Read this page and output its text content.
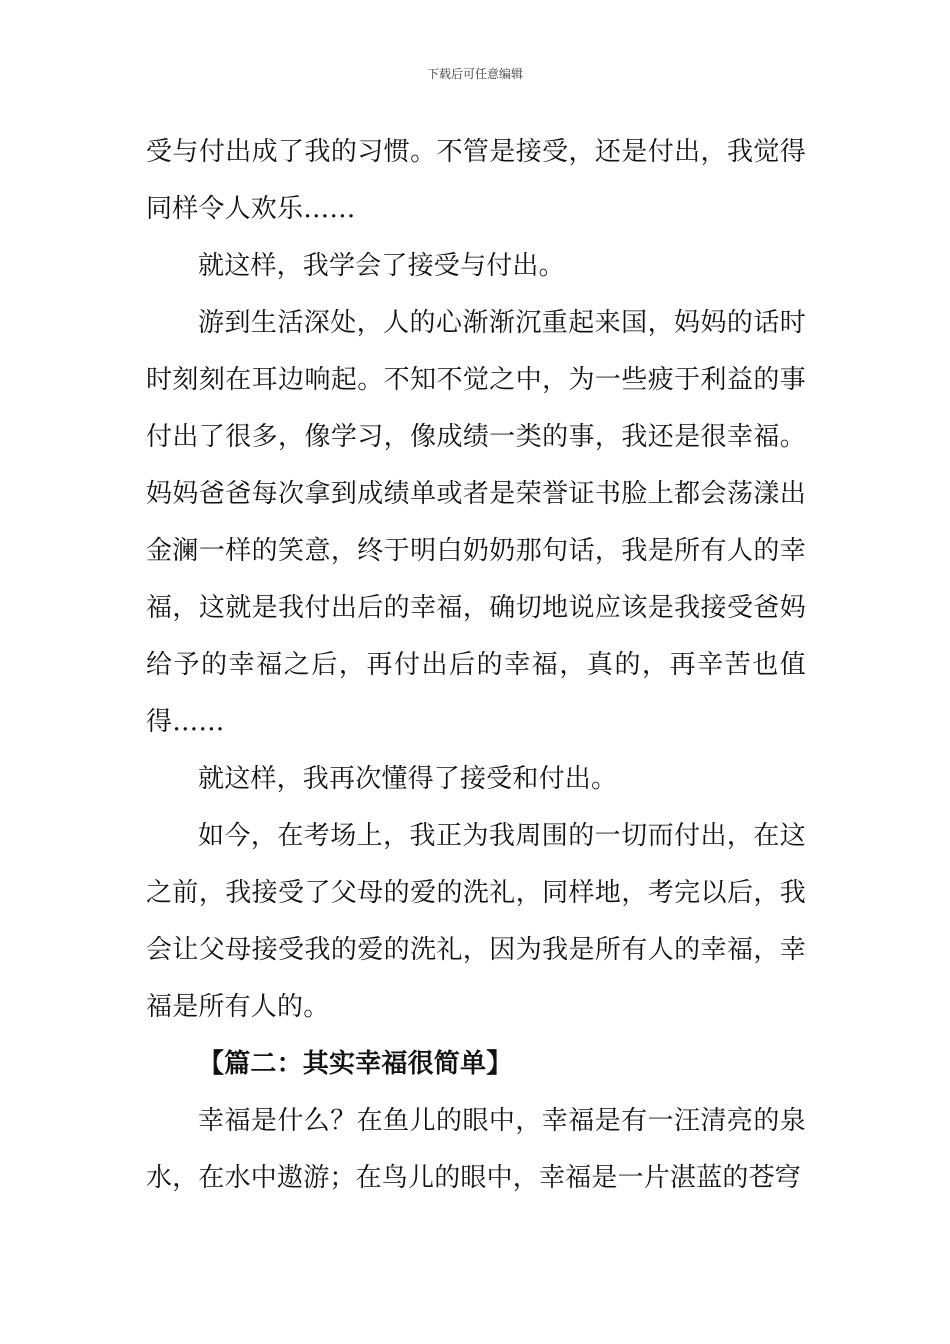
下载后可任意编辑

受与付出成了我的习惯。不管是接受，还是付出，我觉得同样令人欢乐……

就这样，我学会了接受与付出。

游到生活深处，人的心渐渐沉重起来国，妈妈的话时时刻刻在耳边响起。不知不觉之中，为一些疲于利益的事付出了很多，像学习，像成绩一类的事，我还是很幸福。妈妈爸爸每次拿到成绩单或者是荣誉证书脸上都会荡漾出金澜一样的笑意，终于明白奶奶那句话，我是所有人的幸福，这就是我付出后的幸福，确切地说应该是我接受爸妈给予的幸福之后，再付出后的幸福，真的，再辛苦也值得……

就这样，我再次懂得了接受和付出。

如今，在考场上，我正为我周围的一切而付出，在这之前，我接受了父母的爱的洗礼，同样地，考完以后，我会让父母接受我的爱的洗礼，因为我是所有人的幸福，幸福是所有人的。

【篇二：其实幸福很简单】

幸福是什么？在鱼儿的眼中，幸福是有一汪清亮的泉水，在水中遨游；在鸟儿的眼中，幸福是一片湛蓝的苍穹
